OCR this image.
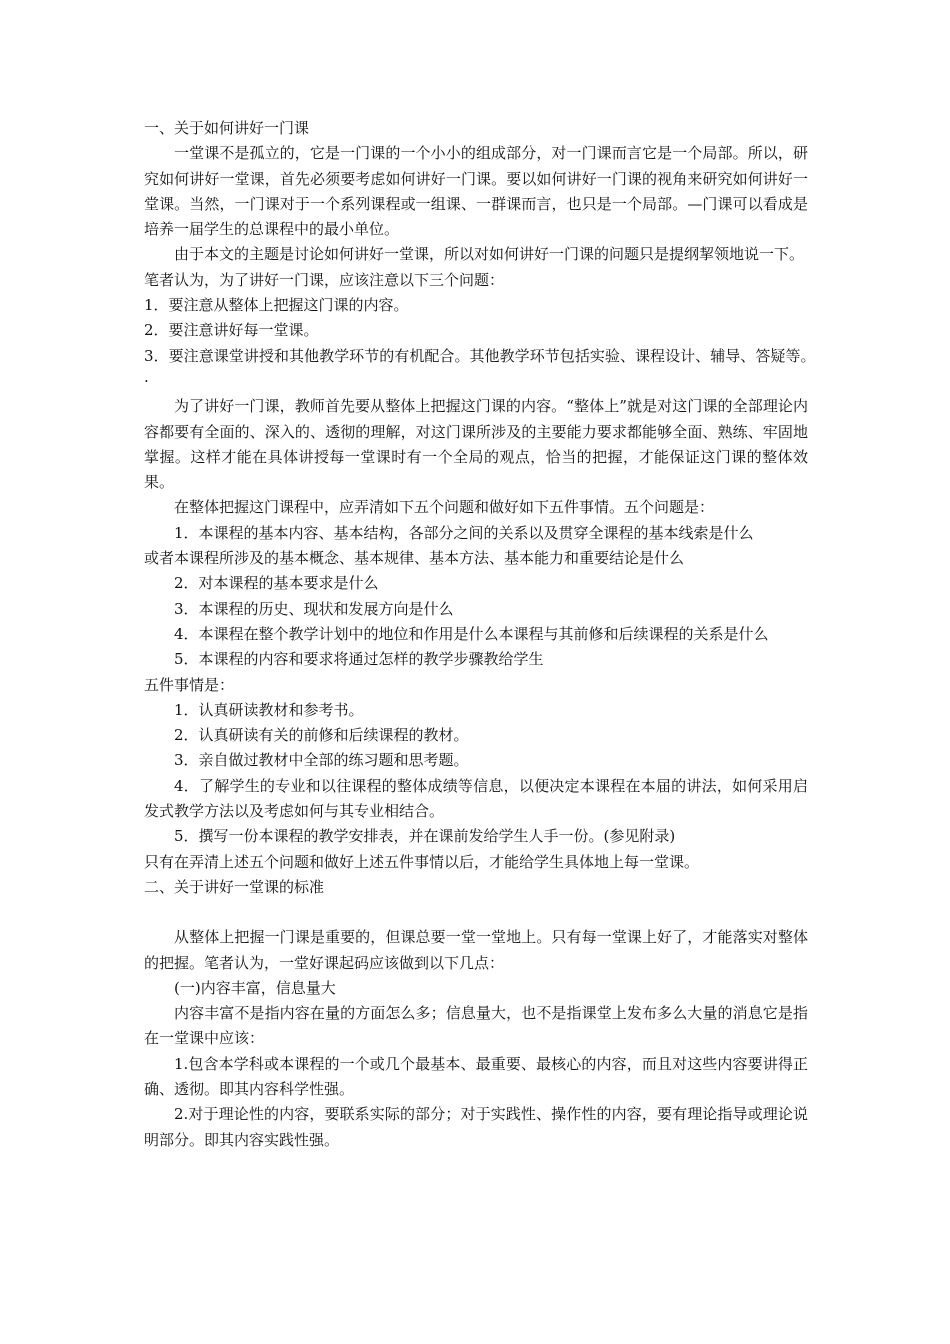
一、关于如何讲好一门课

一堂课不是孤立的，它是一门课的一个小小的组成部分，对一门课而言它是一个局部。所以，研究如何讲好一堂课，首先必须要考虑如何讲好一门课。要以如何讲好一门课的视角来研究如何讲好一堂课。当然，一门课对于一个系列课程或一组课、一群课而言，也只是一个局部。—门课可以看成是培养一届学生的总课程中的最小单位。

由于本文的主题是讨论如何讲好一堂课，所以对如何讲好一门课的问题只是提纲挈领地说一下。

笔者认为，为了讲好一门课，应该注意以下三个问题：

1．要注意从整体上把握这门课的内容。

2．要注意讲好每一堂课。

3．要注意课堂讲授和其他教学环节的有机配合。其他教学环节包括实验、课程设计、辅导、答疑等。·

为了讲好一门课，教师首先要从整体上把握这门课的内容。“整体上”就是对这门课的全部理论内容都要有全面的、深入的、透彻的理解，对这门课所涉及的主要能力要求都能够全面、熟练、牢固地掌握。这样才能在具体讲授每一堂课时有一个全局的观点，恰当的把握，才能保证这门课的整体效果。

在整体把握这门课程中，应弄清如下五个问题和做好如下五件事情。五个问题是：

1．本课程的基本内容、基本结构，各部分之间的关系以及贯穿全课程的基本线索是什么

或者本课程所涉及的基本概念、基本规律、基本方法、基本能力和重要结论是什么

2．对本课程的基本要求是什么

3．本课程的历史、现状和发展方向是什么

4．本课程在整个教学计划中的地位和作用是什么本课程与其前修和后续课程的关系是什么

5．本课程的内容和要求将通过怎样的教学步骤教给学生

五件事情是：

1．认真研读教材和参考书。

2．认真研读有关的前修和后续课程的教材。

3．亲自做过教材中全部的练习题和思考题。

4．了解学生的专业和以往课程的整体成绩等信息，以便决定本课程在本届的讲法，如何采用启发式教学方法以及考虑如何与其专业相结合。

5．撰写一份本课程的教学安排表，并在课前发给学生人手一份。(参见附录)

只有在弄清上述五个问题和做好上述五件事情以后，才能给学生具体地上每一堂课。

二、关于讲好一堂课的标准

从整体上把握一门课是重要的，但课总要一堂一堂地上。只有每一堂课上好了，才能落实对整体的把握。笔者认为，一堂好课起码应该做到以下几点：

(一)内容丰富，信息量大

内容丰富不是指内容在量的方面怎么多；信息量大，也不是指课堂上发布多么大量的消息它是指在一堂课中应该：

1.包含本学科或本课程的一个或几个最基本、最重要、最核心的内容，而且对这些内容要讲得正确、透彻。即其内容科学性强。

2.对于理论性的内容，要联系实际的部分；对于实践性、操作性的内容，要有理论指导或理论说明部分。即其内容实践性强。
